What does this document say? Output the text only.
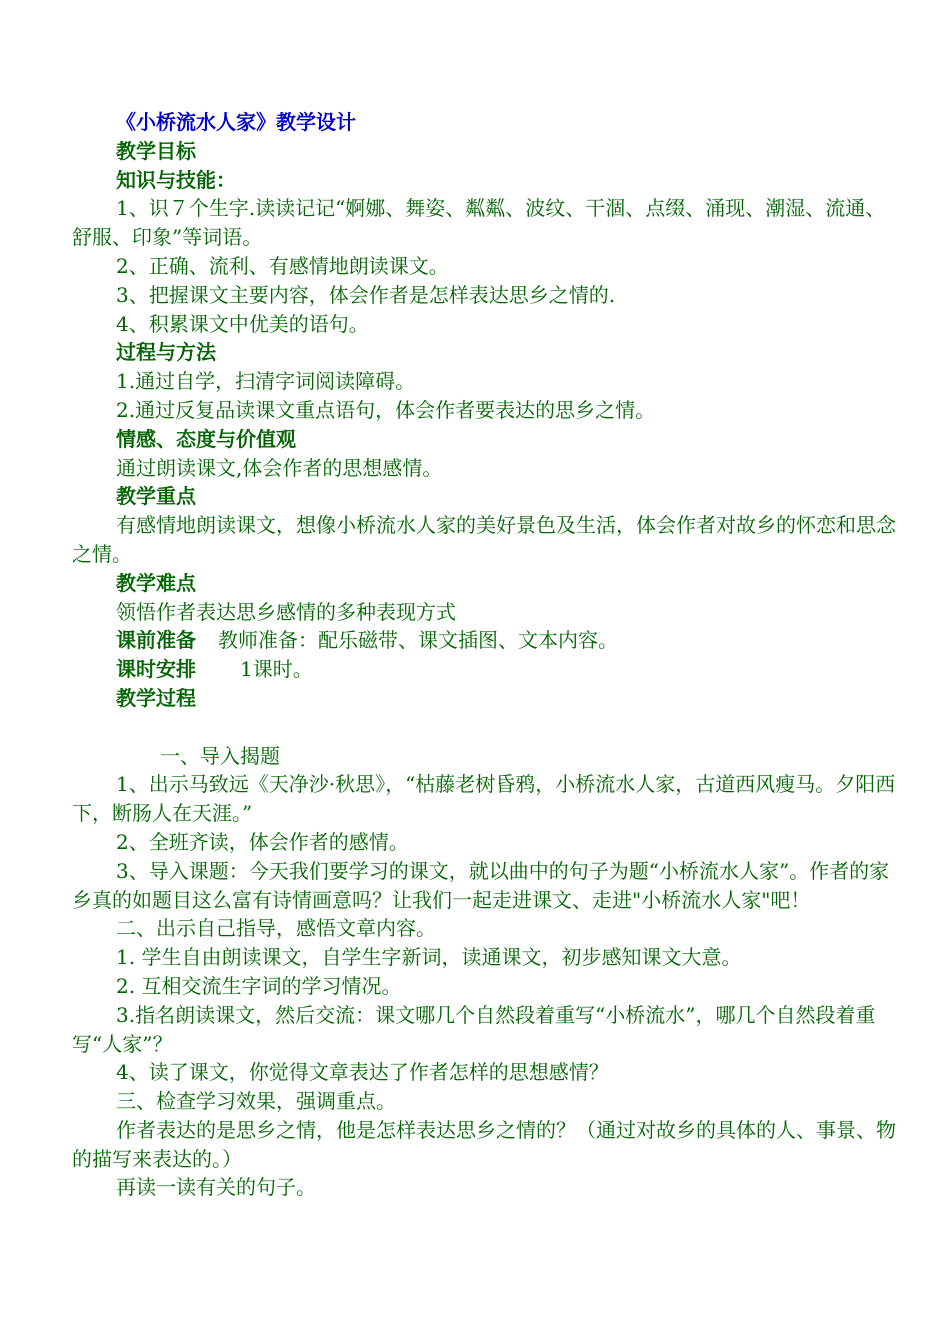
《小桥流水人家》教学设计
教学目标
知识与技能：
1、识７个生字.读读记记“婀娜、舞姿、粼粼、波纹、干涸、点缀、涌现、潮湿、流通、舒服、印象”等词语。
2、正确、流利、有感情地朗读课文。
3、把握课文主要内容，体会作者是怎样表达思乡之情的.
4、积累课文中优美的语句。
过程与方法
1.通过自学，扫清字词阅读障碍。
2.通过反复品读课文重点语句，体会作者要表达的思乡之情。
情感、态度与价值观
通过朗读课文,体会作者的思想感情。
教学重点
有感情地朗读课文，想像小桥流水人家的美好景色及生活，体会作者对故乡的怀恋和思念之情。
教学难点
领悟作者表达思乡感情的多种表现方式
课前准备 教师准备：配乐磁带、课文插图、文本内容。
课时安排 1课时。
教学过程
一、导入揭题
1、出示马致远《天净沙·秋思》，“枯藤老树昏鸦，小桥流水人家，古道西风瘦马。夕阳西下，断肠人在天涯。”
2、全班齐读，体会作者的感情。
3、导入课题：今天我们要学习的课文，就以曲中的句子为题“小桥流水人家”。作者的家乡真的如题目这么富有诗情画意吗？让我们一起走进课文、走进"小桥流水人家"吧！
二、出示自己指导，感悟文章内容。
1. 学生自由朗读课文，自学生字新词，读通课文，初步感知课文大意。
2. 互相交流生字词的学习情况。
3.指名朗读课文，然后交流：课文哪几个自然段着重写“小桥流水”，哪几个自然段着重写“人家”？
4、读了课文，你觉得文章表达了作者怎样的思想感情？
三、检查学习效果，强调重点。
作者表达的是思乡之情，他是怎样表达思乡之情的？（通过对故乡的具体的人、事景、物的描写来表达的。）
再读一读有关的句子。
